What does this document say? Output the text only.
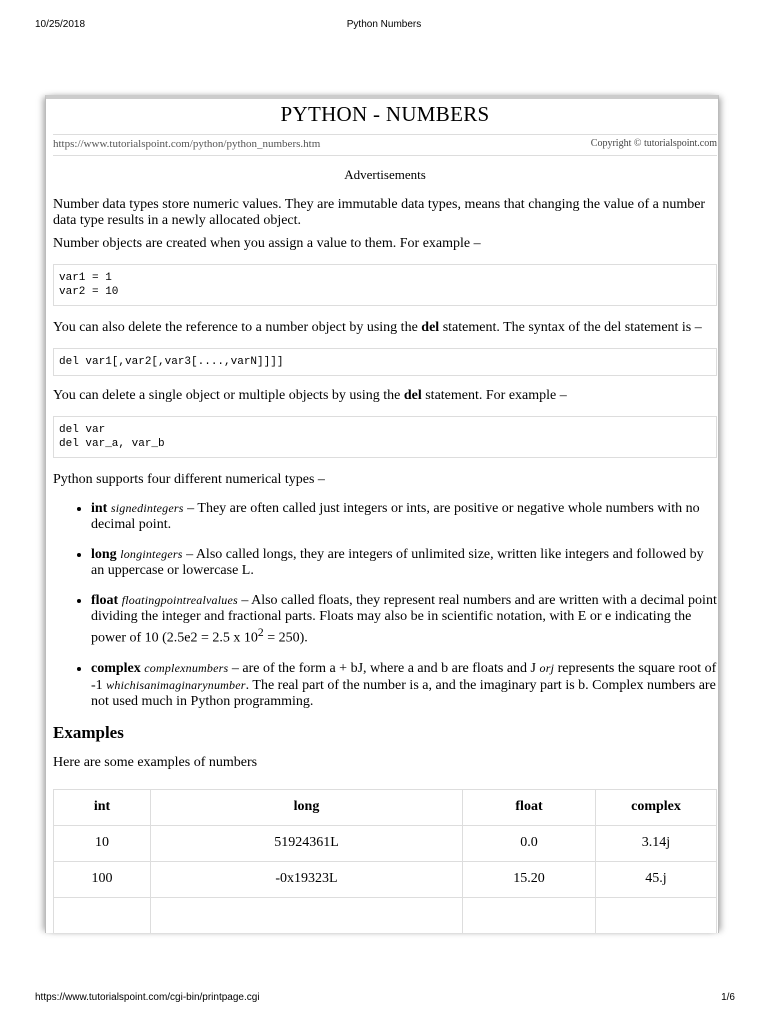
10/25/2018	Python Numbers
PYTHON - NUMBERS
https://www.tutorialspoint.com/python/python_numbers.htm	Copyright © tutorialspoint.com
Advertisements

Number data types store numeric values. They are immutable data types, means that changing the value of a number data type results in a newly allocated object.

Number objects are created when you assign a value to them. For example –

var1 = 1
var2 = 10

You can also delete the reference to a number object by using the del statement. The syntax of the del statement is –

del var1[,var2[,var3[....,varN]]]]

You can delete a single object or multiple objects by using the del statement. For example –

del var
del var_a, var_b

Python supports four different numerical types –

• int signedintegers – They are often called just integers or ints, are positive or negative whole numbers with no decimal point.
• long longintegers – Also called longs, they are integers of unlimited size, written like integers and followed by an uppercase or lowercase L.
• float floatingpointrealvalues – Also called floats, they represent real numbers and are written with a decimal point dividing the integer and fractional parts. Floats may also be in scientific notation, with E or e indicating the power of 10 (2.5e2 = 2.5 x $10^2 = 250$).
• complex complexnumbers – are of the form a + bJ, where a and b are floats and J orj represents the square root of -1 whichisanimaginarynumber. The real part of the number is a, and the imaginary part is b. Complex numbers are not used much in Python programming.
Examples

Here are some examples of numbers

int	long	float	complex
10	51924361L	0.0	3.14j
100	-0x19323L	15.20	45.j

https://www.tutorialspoint.com/cgi-bin/printpage.cgi	1/6
